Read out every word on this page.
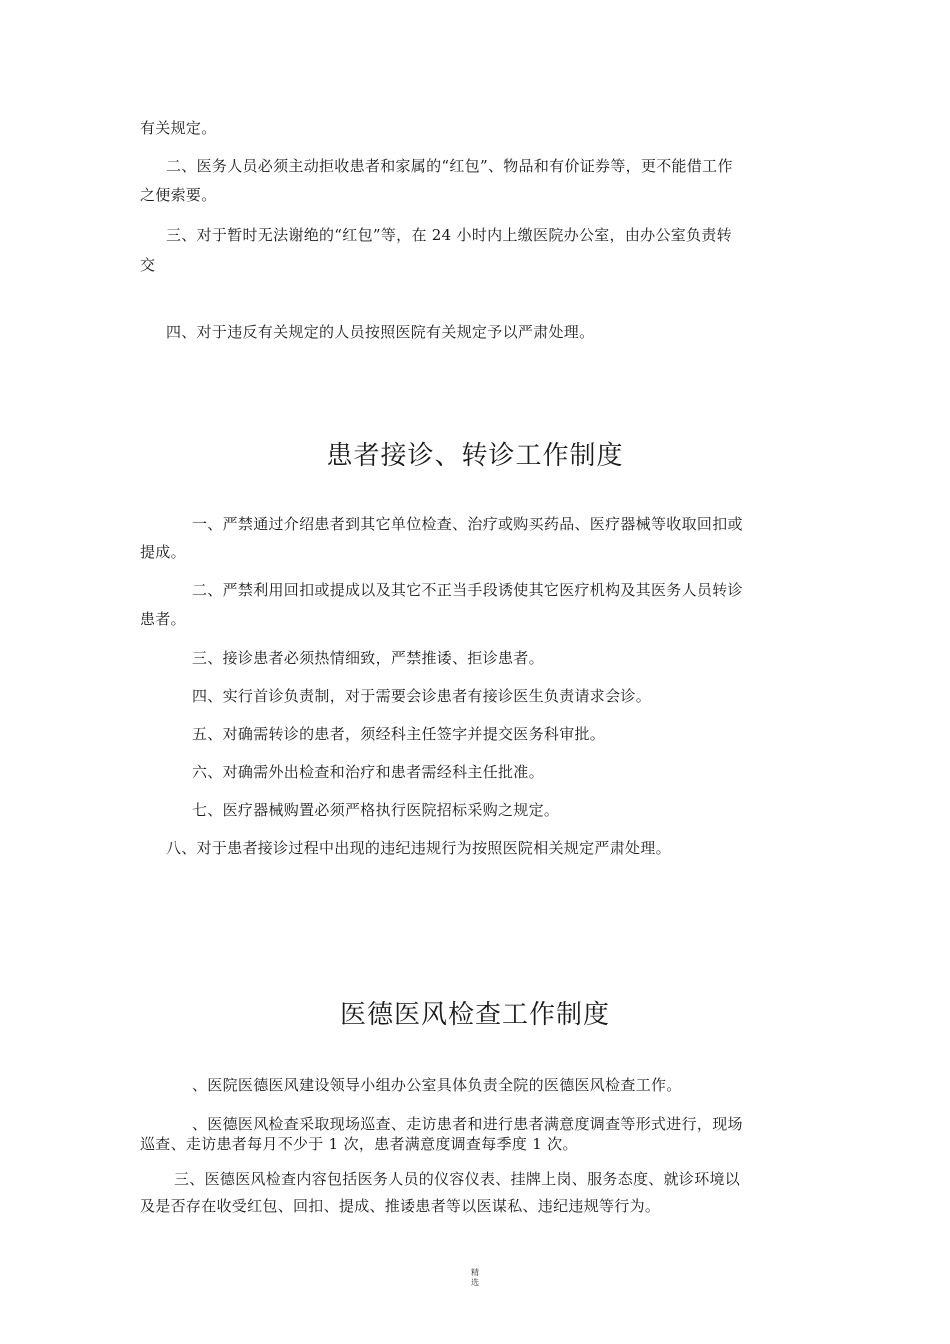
有关规定。
二、医务人员必须主动拒收患者和家属的“红包”、物品和有价证券等，更不能借工作
之便索要。
三、对于暂时无法谢绝的“红包”等，在 24 小时内上缴医院办公室，由办公室负责转
交
四、对于违反有关规定的人员按照医院有关规定予以严肃处理。
患者接诊、转诊工作制度
一、严禁通过介绍患者到其它单位检查、治疗或购买药品、医疗器械等收取回扣或
提成。
二、严禁利用回扣或提成以及其它不正当手段诱使其它医疗机构及其医务人员转诊
患者。
三、接诊患者必须热情细致，严禁推诿、拒诊患者。
四、实行首诊负责制，对于需要会诊患者有接诊医生负责请求会诊。
五、对确需转诊的患者，须经科主任签字并提交医务科审批。
六、对确需外出检查和治疗和患者需经科主任批准。
七、医疗器械购置必须严格执行医院招标采购之规定。
八、对于患者接诊过程中出现的违纪违规行为按照医院相关规定严肃处理。
医德医风检查工作制度
、医院医德医风建设领导小组办公室具体负责全院的医德医风检查工作。
、医德医风检查采取现场巡查、走访患者和进行患者满意度调查等形式进行，现场
巡查、走访患者每月不少于 1 次，患者满意度调查每季度 1 次。
三、医德医风检查内容包括医务人员的仪容仪表、挂牌上岗、服务态度、就诊环境以
及是否存在收受红包、回扣、提成、推诿患者等以医谋私、违纪违规等行为。
精
选
